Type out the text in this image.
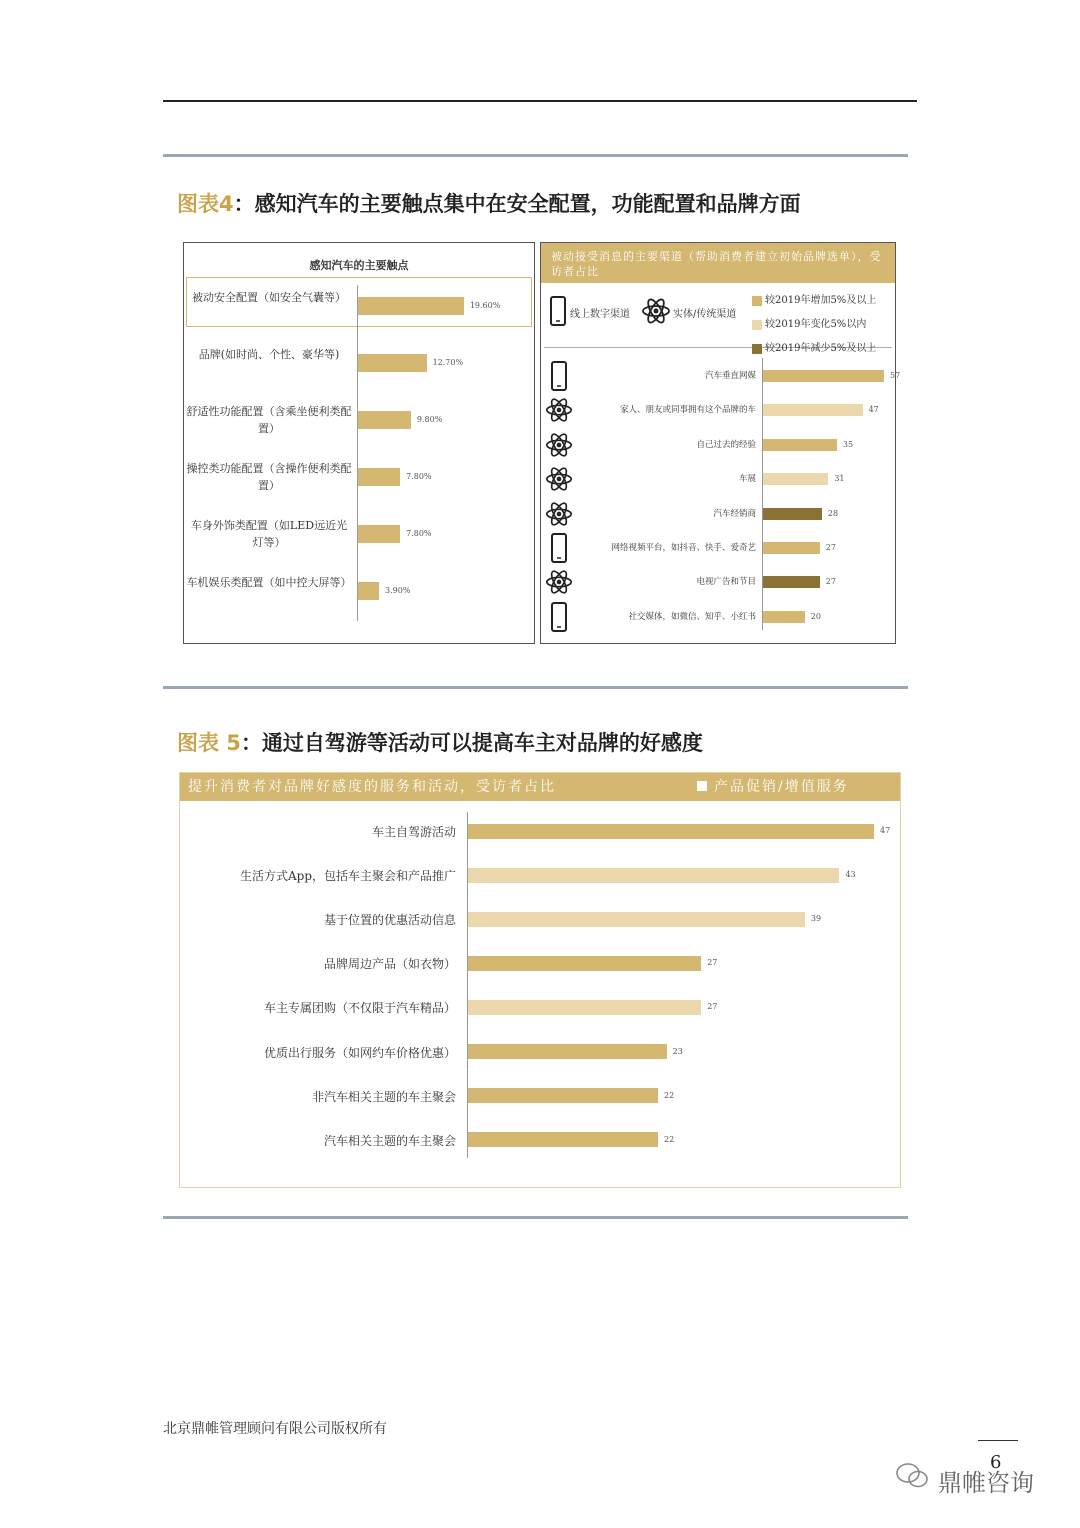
图表4：感知汽车的主要触点集中在安全配置，功能配置和品牌方面
感知汽车的主要触点
被动安全配置（如安全气囊等）
19.60%
品牌(如时尚、个性、豪华等)
12.70%
舒适性功能配置（含乘坐便利类配置）
9.80%
操控类功能配置（含操作便利类配置）
7.80%
车身外饰类配置（如LED远近光灯等）
7.80%
车机娱乐类配置（如中控大屏等）
3.90%
被动接受消息的主要渠道（帮助消费者建立初始品牌选单），受访者占比
线上数字渠道	实体/传统渠道
较2019年增加5%及以上
较2019年变化5%以内
较2019年减少5%及以上
汽车垂直网媒	57
家人、朋友或同事拥有这个品牌的车	47
自己过去的经验	35
车展	31
汽车经销商	28
网络视频平台，如抖音、快手、爱奇艺	27
电视广告和节目	27
社交媒体，如微信、知乎、小红书	20
图表 5：通过自驾游等活动可以提高车主对品牌的好感度
提升消费者对品牌好感度的服务和活动，受访者占比	产品促销/增值服务
车主自驾游活动	47
生活方式App，包括车主聚会和产品推广	43
基于位置的优惠活动信息	39
品牌周边产品（如衣物）	27
车主专属团购（不仅限于汽车精品）	27
优质出行服务（如网约车价格优惠）	23
非汽车相关主题的车主聚会	22
汽车相关主题的车主聚会	22
北京鼎帷管理顾问有限公司版权所有
6
鼎帷咨询
